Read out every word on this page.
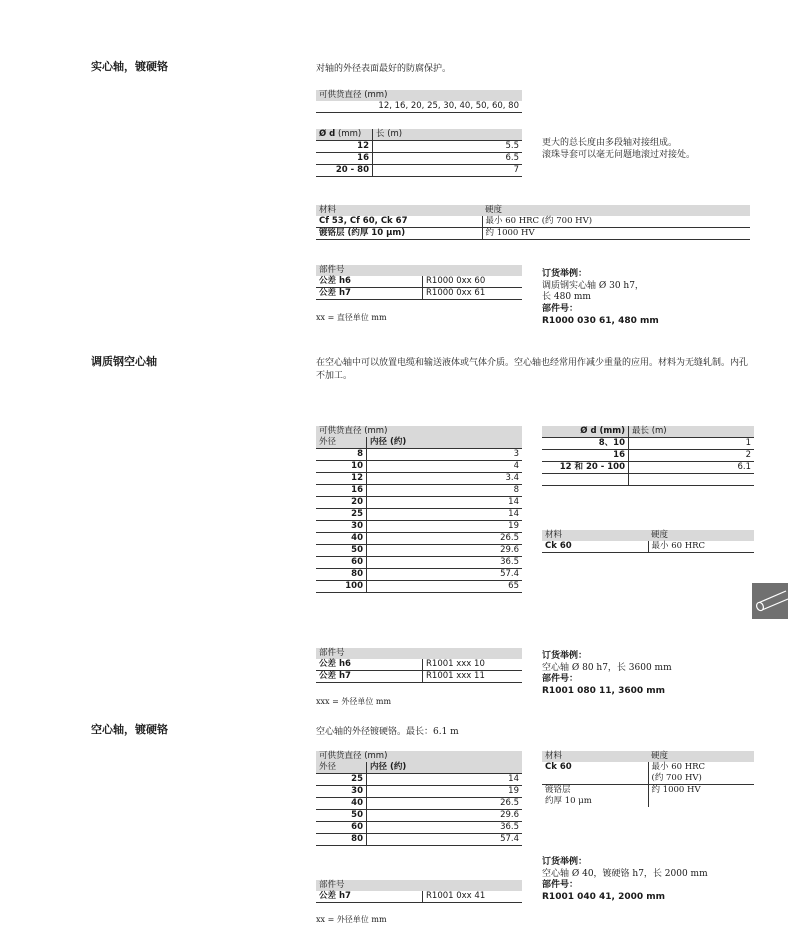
实心轴，镀硬铬	对轴的外径表面最好的防腐保护。
可供货直径 (mm)
12, 16, 20, 25, 30, 40, 50, 60, 80
Ø d (mm)	长 (m)
12	5.5
16	6.5
20 - 80	7
更大的总长度由多段轴对接组成。
滚珠导套可以毫无问题地滚过对接处。
材料	硬度
Cf 53, Cf 60, Ck 67	最小 60 HRC (约 700 HV)
镀铬层 (约厚 10 μm)	约 1000 HV
部件号	
公差 h6	R1000 0xx 60
公差 h7	R1000 0xx 61
xx = 直径单位 mm
订货举例：
调质钢实心轴 Ø 30 h7，
长 480 mm
部件号：
R1000 030 61, 480 mm
调质钢空心轴	在空心轴中可以放置电缆和输送液体或气体介质。空心轴也经常用作减少重量的应用。材料为无缝轧制。内孔不加工。
可供货直径 (mm)	
外径	内径 (约)
8	3
10	4
12	3.4
16	8
20	14
25	14
30	19
40	26.5
50	29.6
60	36.5
80	57.4
100	65
Ø d (mm)	最长 (m)
8、10	1
16	2
12 和 20 - 100	6.1

材料	硬度
Ck 60	最小 60 HRC
部件号	
公差 h6	R1001 xxx 10
公差 h7	R1001 xxx 11
xxx = 外径单位 mm
订货举例：
空心轴 Ø 80 h7，长 3600 mm
部件号：
R1001 080 11, 3600 mm
空心轴，镀硬铬	空心轴的外径镀硬铬。最长：6.1 m
可供货直径 (mm)	
外径	内径 (约)
25	14
30	19
40	26.5
50	29.6
60	36.5
80	57.4
材料	硬度
Ck 60	最小 60 HRC
	(约 700 HV)
镀铬层	约 1000 HV
约厚 10 μm	
部件号
公差 h7	R1001 0xx 41
xx = 外径单位 mm
订货举例：
空心轴 Ø 40，镀硬铬 h7，长 2000 mm
部件号：
R1001 040 41, 2000 mm
